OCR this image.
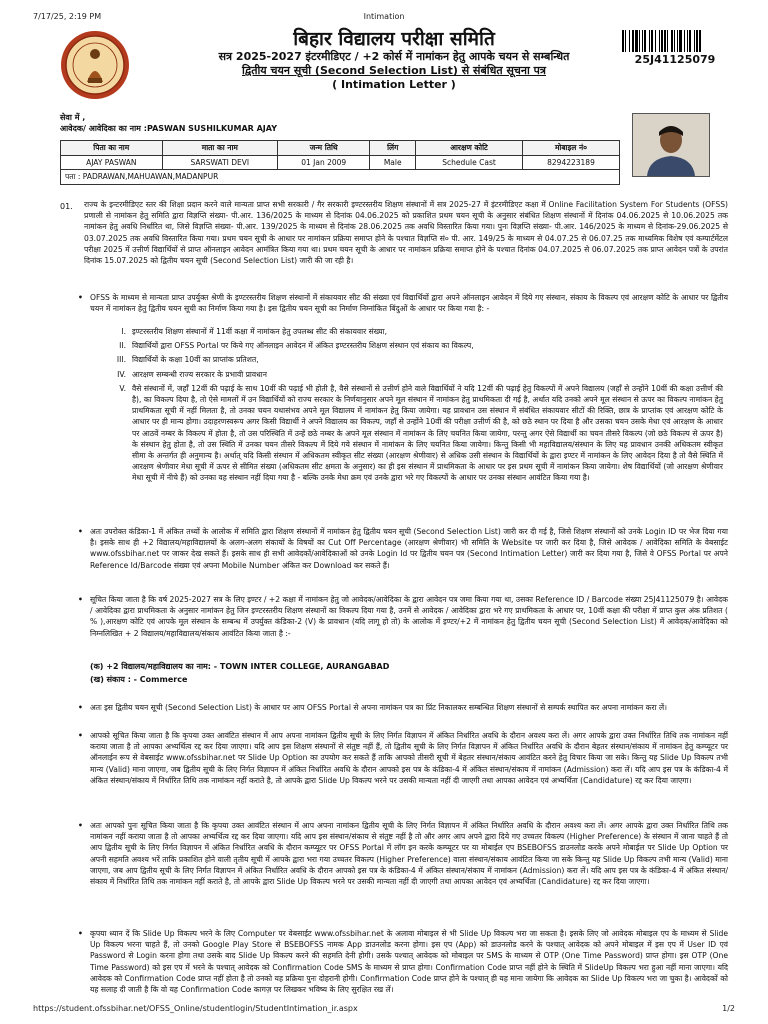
7/17/25, 2:19 PM	Intimation
बिहार विद्यालय परीक्षा समिति
सत्र 2025-2027 इंटरमीडिएट / +2 कोर्स में नामांकन हेतु आपके चयन से सम्बन्धित
द्वितीय चयन सूची (Second Selection List) से संबंधित सूचना पत्र
( Intimation Letter )
25J41125079
सेवा में ,
आवेदक/ आवेदिका का नाम :PASWAN SUSHILKUMAR AJAY
पिता का नाम	माता का नाम	जन्म तिथि	लिंग	आरक्षण कोटि	मोबाइल नं०
AJAY PASWAN	SARSWATI DEVI	01 Jan 2009	Male	Schedule Cast	8294223189
पता : PADRAWAN,MAHUAWAN,MADANPUR					
01. राज्य के इन्टरमीडिएट स्तर की शिक्षा प्रदान करने वाले मान्यता प्राप्त सभी सरकारी / गैर सरकारी इण्टरस्तरीय शिक्षण संस्थानों में सत्र 2025-27 में इंटरमीडिएट कक्षा में Online Facilitation System For Students (OFSS) प्रणाली से नामांकन हेतु समिति द्वारा विज्ञप्ति संख्या- पी.आर. 136/2025 के माध्यम से दिनांक 04.06.2025 को प्रकाशित प्रथम चयन सूची के अनुसार संबंधित शिक्षण संस्थानों में दिनांक 04.06.2025 से 10.06.2025 तक नामांकन हेतु अवधि निर्धारित था, जिसे विज्ञप्ति संख्या- पी.आर. 139/2025 के माध्यम से दिनांक 28.06.2025 तक अवधि विस्तारित किया गया। पुनः विज्ञप्ति संख्या- पी.आर. 146/2025 के माध्यम से दिनांक-29.06.2025 से 03.07.2025 तक अवधि विस्तारित किया गया। प्रथम चयन सूची के आधार पर नामांकन प्रक्रिया समाप्त होने के पश्चात विज्ञप्ति सं० पी. आर. 149/25 के माध्यम से 04.07.25 से 06.07.25 तक माध्यमिक विशेष एवं कम्पार्टमेंटल परीक्षा 2025 में उत्तीर्ण विद्यार्थियों से प्राप्त ऑनलाइन आवेदन आमंत्रित किया गया था। प्रथम चयन सूची के आधार पर नामांकन प्रक्रिया समाप्त होने के पश्चात दिनांक 04.07.2025 से 06.07.2025 तक प्राप्त आवेदन पत्रों के उपरांत दिनांक 15.07.2025 को द्वितीय चयन सूची (Second Selection List) जारी की जा रही है।
• OFSS के माध्यम से मान्यता प्राप्त उपर्युक्त श्रेणी के इण्टरस्तरीय शिक्षण संस्थानों में संकायवार सीट की संख्या एवं विद्यार्थियों द्वारा अपने ऑनलाइन आवेदन में दिये गए संस्थान, संकाय के विकल्प एवं आरक्षण कोटि के आधार पर द्वितीय चयन में नामांकन हेतु द्वितीय चयन सूची का निर्माण किया गया है। इस द्वितीय चयन सूची का निर्माण निम्नांकित बिंदुओं के आधार पर किया गया है: -
I. इण्टरस्तरीय शिक्षण संस्थानों में 11वीं कक्षा में नामांकन हेतु उपलब्ध सीट की संकायवार संख्या,
II. विद्यार्थियों द्वारा OFSS Portal पर किये गए ऑनलाइन आवेदन में अंकित इण्टरस्तरीय शिक्षण संस्थान एवं संकाय का विकल्प,
III. विद्यार्थियों के कक्षा 10वीं का प्राप्तांक प्रतिशत,
IV. आरक्षण सम्बन्धी राज्य सरकार के प्रभावी प्रावधान
V. वैसे संस्थानों में, जहाँ 12वीं की पढ़ाई के साथ 10वीं की पढ़ाई भी होती है, वैसे संस्थानों से उत्तीर्ण होने वाले विद्यार्थियों ने यदि 12वीं की पढ़ाई हेतु विकल्पों में अपने विद्यालय (जहाँ से उन्होंने 10वीं की कक्षा उत्तीर्ण की है), का विकल्प दिया है, तो ऐसे मामलों में उन विद्यार्थियों को राज्य सरकार के निर्णयानुसार अपने मूल संस्थान में नामांकन हेतु प्राथमिकता दी गई है, अर्थात यदि उनको अपने मूल संस्थान से ऊपर का विकल्प नामांकन हेतु प्राथमिकता सूची में नहीं मिलता है, तो उनका चयन यथासंभव अपने मूल विद्यालय में नामांकन हेतु किया जायेगा। यह प्रावधान उस संस्थान में संबंधित संकायवार सीटों की रिक्ति, छात्र के प्राप्तांक एवं आरक्षण कोटि के आधार पर ही मान्य होगा। उदाहरणस्वरूप अगर किसी विद्यार्थी ने अपने विद्यालय का विकल्प, जहाँ से उन्होंने 10वीं की परीक्षा उत्तीर्ण की है, को छठे स्थान पर दिया है और उसका चयन उसके मेधा एवं आरक्षण के आधार पर आठवें नम्बर के विकल्प में होता है, तो उस परिस्थिति में उन्हें छठे नम्बर के अपने मूल संस्थान में नामांकन के लिए चयनित किया जायेगा, परन्तु अगर ऐसे विद्यार्थी का चयन तीसरे विकल्प (जो छठे विकल्प से ऊपर है) के संस्थान हेतु होता है, तो उस स्थिति में उनका चयन तीसरे विकल्प में दिये गये संस्थान में नामांकन के लिए चयनित किया जायेगा। किन्तु किसी भी महाविद्यालय/संस्थान के लिए यह प्रावधान उनकी अधिकतम स्वीकृत सीमा के अन्तर्गत ही अनुमान्य है। अर्थात् यदि किसी संस्थान में अधिकतम स्वीकृत सीट संख्या (आरक्षण श्रेणीवार) से अधिक उसी संस्थान के विद्यार्थियों के द्वारा इण्टर में नामांकन के लिए आवेदन दिया है तो वैसे स्थिति में आरक्षण श्रेणीवार मेधा सूची में ऊपर से सीमित संख्या (अधिकतम सीट क्षमता के अनुसार) का ही इस संस्थान में प्राथमिकता के आधार पर इस प्रथम सूची में नामांकन किया जायेगा। शेष विद्यार्थियों (जो आरक्षण श्रेणीवार मेधा सूची में नीचे हैं) को उनका वह संस्थान नहीं दिया गया है - बल्कि उनके मेधा क्रम एवं उनके द्वारा भरे गए विकल्पों के आधार पर उनका संस्थान आवंटित किया गया है।
• अतः उपरोक्त कंडिका-1 में अंकित तथ्यों के आलोक में समिति द्वारा शिक्षण संस्थानों में नामांकन हेतु द्वितीय चयन सूची (Second Selection List) जारी कर दी गई है, जिसे शिक्षण संस्थानों को उनके Login ID पर भेज दिया गया है। इसके साथ ही +2 विद्यालय/महाविद्यालयों के अलग-अलग संकायों के विषयों का Cut Off Percentage (आरक्षण श्रेणीवार) भी समिति के Website पर जारी कर दिया है, जिसे आवेदक / आवेदिका समिति के वेबसाईट www.ofssbihar.net पर जाकर देख सकते हैं। इसके साथ ही सभी आवेदकों/आवेदिकाओं को उनके Login Id पर द्वितीय चयन पत्र (Second Intimation Letter) जारी कर दिया गया है, जिसे वे OFSS Portal पर अपने Reference Id/Barcode संख्या एवं अपना Mobile Number अंकित कर Download कर सकते हैं।
• सूचित किया जाता है कि वर्ष 2025-2027 सत्र के लिए इण्टर / +2 कक्षा में नामांकन हेतु जो आवेदक/आवेदिका के द्वारा आवेदन पत्र जमा किया गया था, उसका Reference ID / Barcode संख्या 25J41125079 है। आवेदक / आवेदिका द्वारा प्राथमिकता के अनुसार नामांकन हेतु जिन इण्टरस्तरीय शिक्षण संस्थानों का विकल्प दिया गया है, उनमें से आवेदक / आवेदिका द्वारा भरे गए प्राथमिकता के आधार पर, 10वीं कक्षा की परीक्षा में प्राप्त कुल अंक प्रतिशत ( % ),आरक्षण कोटि एवं आपके मूल संस्थान के सम्बन्ध में उपर्युक्त कंडिका-2 (V) के प्रावधान (यदि लागू हो तो) के आलोक में इण्टर/+2 में नामांकन हेतु द्वितीय चयन सूची (Second Selection List) में आवेदक/आवेदिका को निम्नलिखित + 2 विद्यालय/महाविद्यालय/संकाय आवंटित किया जाता है :-
(क) +2 विद्यालय/महाविद्यालय का नाम: - TOWN INTER COLLEGE, AURANGABAD
(ख) संकाय : - Commerce
• अतः इस द्वितीय चयन सूची (Second Selection List) के आधार पर आप OFSS Portal से अपना नामांकन पत्र का प्रिंट निकालकर सम्बन्धित शिक्षण संस्थानों से सम्पर्क स्थापित कर अपना नामांकन करा लें।
• आपको सूचित किया जाता है कि कृपया उक्त आवंटित संस्थान में आप अपना नामांकन द्वितीय सूची के लिए निर्गत विज्ञापन में अंकित निर्धारित अवधि के दौरान अवश्य करा लें। अगर आपके द्वारा उक्त निर्धारित तिथि तक नामांकन नहीं कराया जाता है तो आपका अभ्यर्थित्व रद्द कर दिया जाएगा। यदि आप इस शिक्षण संस्थानों से संतुष्ट नहीं हैं, तो द्वितीय सूची के लिए निर्गत विज्ञापन में अंकित निर्धारित अवधि के दौरान बेहतर संस्थान/संकाय में नामांकन हेतु कम्प्यूटर पर ऑनलाईन रूप से वेबसाईट www.ofssbihar.net पर Slide Up Option का उपयोग कर सकते हैं ताकि आपको तीसरी सूची में बेहतर संस्थान/संकाय आवंटित करने हेतु विचार किया जा सके। किन्तु यह Slide Up विकल्प तभी मान्य (Valid) माना जाएगा, जब द्वितीय सूची के लिए निर्गत विज्ञापन में अंकित निर्धारित अवधि के दौरान आपको इस पत्र के कंडिका-4 में अंकित संस्थान/संकाय में नामांकन (Admission) करा लें। यदि आप इस पत्र के कंडिका-4 में अंकित संस्थान/संकाय में निर्धारित तिथि तक नामांकन नहीं कराते है, तो आपके द्वारा Slide Up विकल्प भरने पर उसकी मान्यता नहीं दी जाएगी तथा आपका आवेदन एवं अभ्यर्थिता (Candidature) रद्द कर दिया जाएगा।
• अतः आपको पुनः सूचित किया जाता है कि कृपया उक्त आवंटित संस्थान में आप अपना नामांकन द्वितीय सूची के लिए निर्गत विज्ञापन में अंकित निर्धारित अवधि के दौरान अवश्य करा लें। अगर आपके द्वारा उक्त निर्धारित तिथि तक नामांकन नहीं कराया जाता है तो आपका अभ्यर्थित्व रद्द कर दिया जाएगा। यदि आप इस संस्थान/संकाय से संतुष्ट नहीं है तो और अगर आप अपने द्वारा दिये गए उच्चतर विकल्प (Higher Preference) के संस्थान में जाना चाहते हैं तो आप द्वितीय सूची के लिए निर्गत विज्ञापन में अंकित निर्धारित अवधि के दौरान कम्प्यूटर पर OFSS Portal में लॉग इन करके कम्प्यूटर पर या मोबाईल एप BSEBOFSS डाउनलोड करके अपने मोबाईल पर Slide Up Option पर अपनी सहमति अवश्य भरें ताकि प्रकाशित होने वाली तृतीय सूची में आपके द्वारा भरा गया उच्चतर विकल्प (Higher Preference) वाला संस्थान/संकाय आवंटित किया जा सके किन्तु यह Slide Up विकल्प तभी मान्य (Valid) माना जाएगा, जब आप द्वितीय सूची के लिए निर्गत विज्ञापन में अंकित निर्धारित अवधि के दौरान आपको इस पत्र के कंडिका-4 में अंकित संस्थान/संकाय में नामांकन (Admission) करा लें। यदि आप इस पत्र के कंडिका-4 में अंकित संस्थान/संकाय में निर्धारित तिथि तक नामांकन नहीं कराते है, तो आपके द्वारा Slide Up विकल्प भरने पर उसकी मान्यता नहीं दी जाएगी तथा आपका आवेदन एवं अभ्यर्थिता (Candidature) रद्द कर दिया जाएगा।
• कृपया ध्यान दें कि Slide Up विकल्प भरने के लिए Computer पर वेबसाईट www.ofssbihar.net के अलावा मोबाइल से भी Slide Up विकल्प भरा जा सकता है। इसके लिए जो आवेदक मोबाइल एप के माध्यम से Slide Up विकल्प भरना चाहते हैं, तो उनको Google Play Store से BSEBOFSS नामक App डाउनलोड करना होगा। इस एप (App) को डाउनलोड करने के पश्चात् आवेदक को अपने मोबाइल में इस एप में User ID एवं Password से Login करना होगा तथा उसके बाद Slide Up विकल्प करने की सहमति देनी होगी। उसके पश्चात् आवेदक को मोबाइल पर SMS के माध्यम से OTP (One Time Password) प्राप्त होगा। इस OTP (One Time Password) को इस एप में भरने के पश्चात् आवेदक को Confirmation Code SMS के माध्यम से प्राप्त होगा। Confirmation Code प्राप्त नहीं होने के स्थिति में SlideUp विकल्प भरा हुआ नहीं माना जाएगा। यदि आवेदक को Confirmation Code प्राप्त नहीं होता है तो उनको यह प्रक्रिया पुनः दोहरानी होगी। Confirmation Code प्राप्त होने के पश्चात् ही यह माना जायेगा कि आवेदक का Slide Up विकल्प भरा जा चुका है। आवेदकों को यह सलाह दी जाती है कि वो यह Confirmation Code कागज़ पर लिखकर भविष्य के लिए सुरक्षित रख लें।
https://student.ofssbihar.net/OFSS_Online/studentlogin/StudentIntimation_ir.aspx	1/2
